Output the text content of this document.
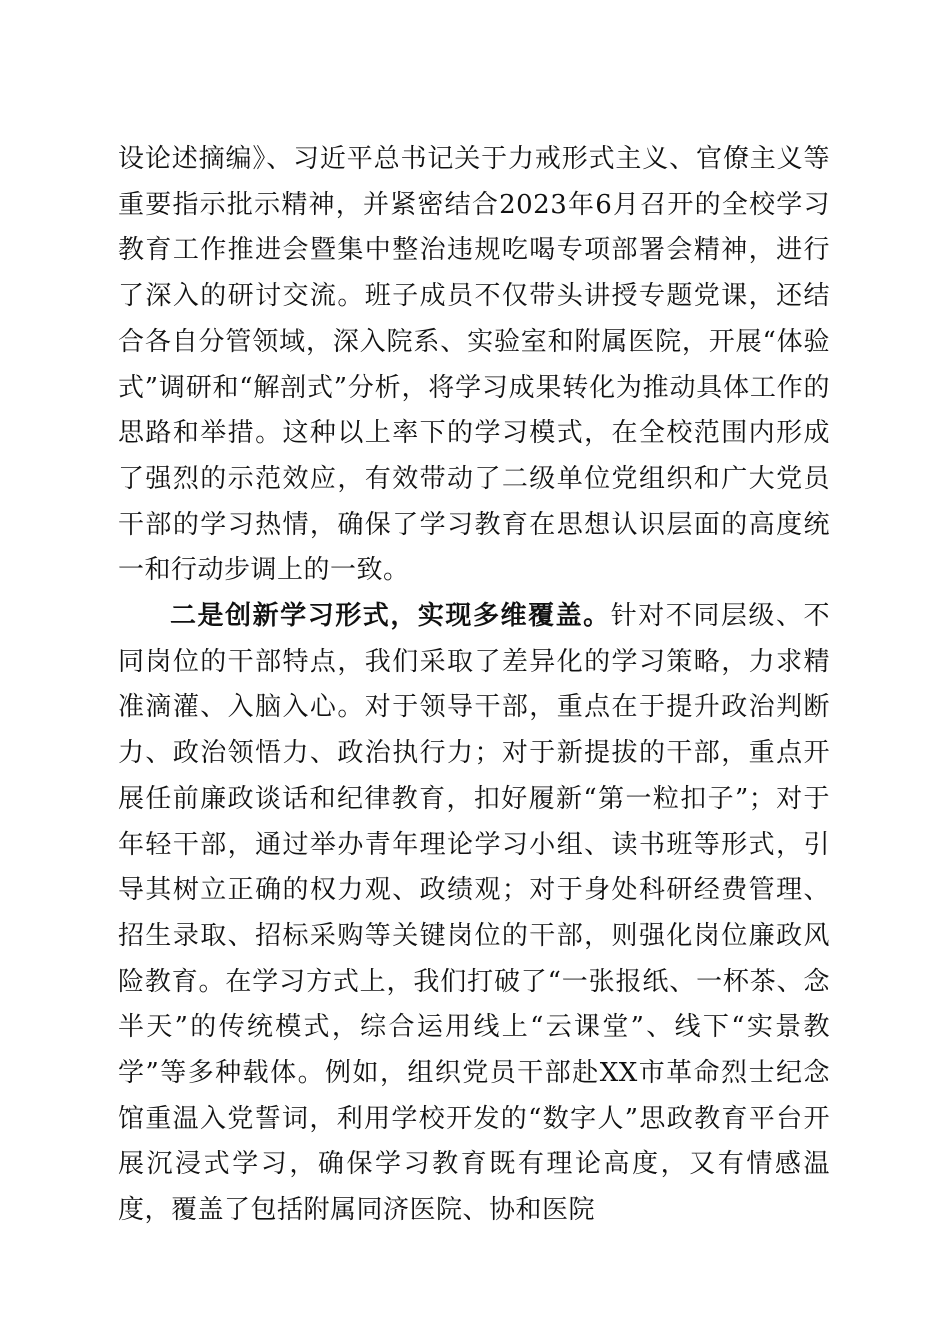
设论述摘编》、习近平总书记关于力戒形式主义、官僚主义等重要指示批示精神，并紧密结合2023年6月召开的全校学习教育工作推进会暨集中整治违规吃喝专项部署会精神，进行了深入的研讨交流。班子成员不仅带头讲授专题党课，还结合各自分管领域，深入院系、实验室和附属医院，开展“体验式”调研和“解剖式”分析，将学习成果转化为推动具体工作的思路和举措。这种以上率下的学习模式，在全校范围内形成了强烈的示范效应，有效带动了二级单位党组织和广大党员干部的学习热情，确保了学习教育在思想认识层面的高度统一和行动步调上的一致。

二是创新学习形式，实现多维覆盖。针对不同层级、不同岗位的干部特点，我们采取了差异化的学习策略，力求精准滴灌、入脑入心。对于领导干部，重点在于提升政治判断力、政治领悟力、政治执行力；对于新提拔的干部，重点开展任前廉政谈话和纪律教育，扣好履新“第一粒扣子”；对于年轻干部，通过举办青年理论学习小组、读书班等形式，引导其树立正确的权力观、政绩观；对于身处科研经费管理、招生录取、招标采购等关键岗位的干部，则强化岗位廉政风险教育。在学习方式上，我们打破了“一张报纸、一杯茶、念半天”的传统模式，综合运用线上“云课堂”、线下“实景教学”等多种载体。例如，组织党员干部赴XX市革命烈士纪念馆重温入党誓词，利用学校开发的“数字人”思政教育平台开展沉浸式学习，确保学习教育既有理论高度，又有情感温度，覆盖了包括附属同济医院、协和医院
